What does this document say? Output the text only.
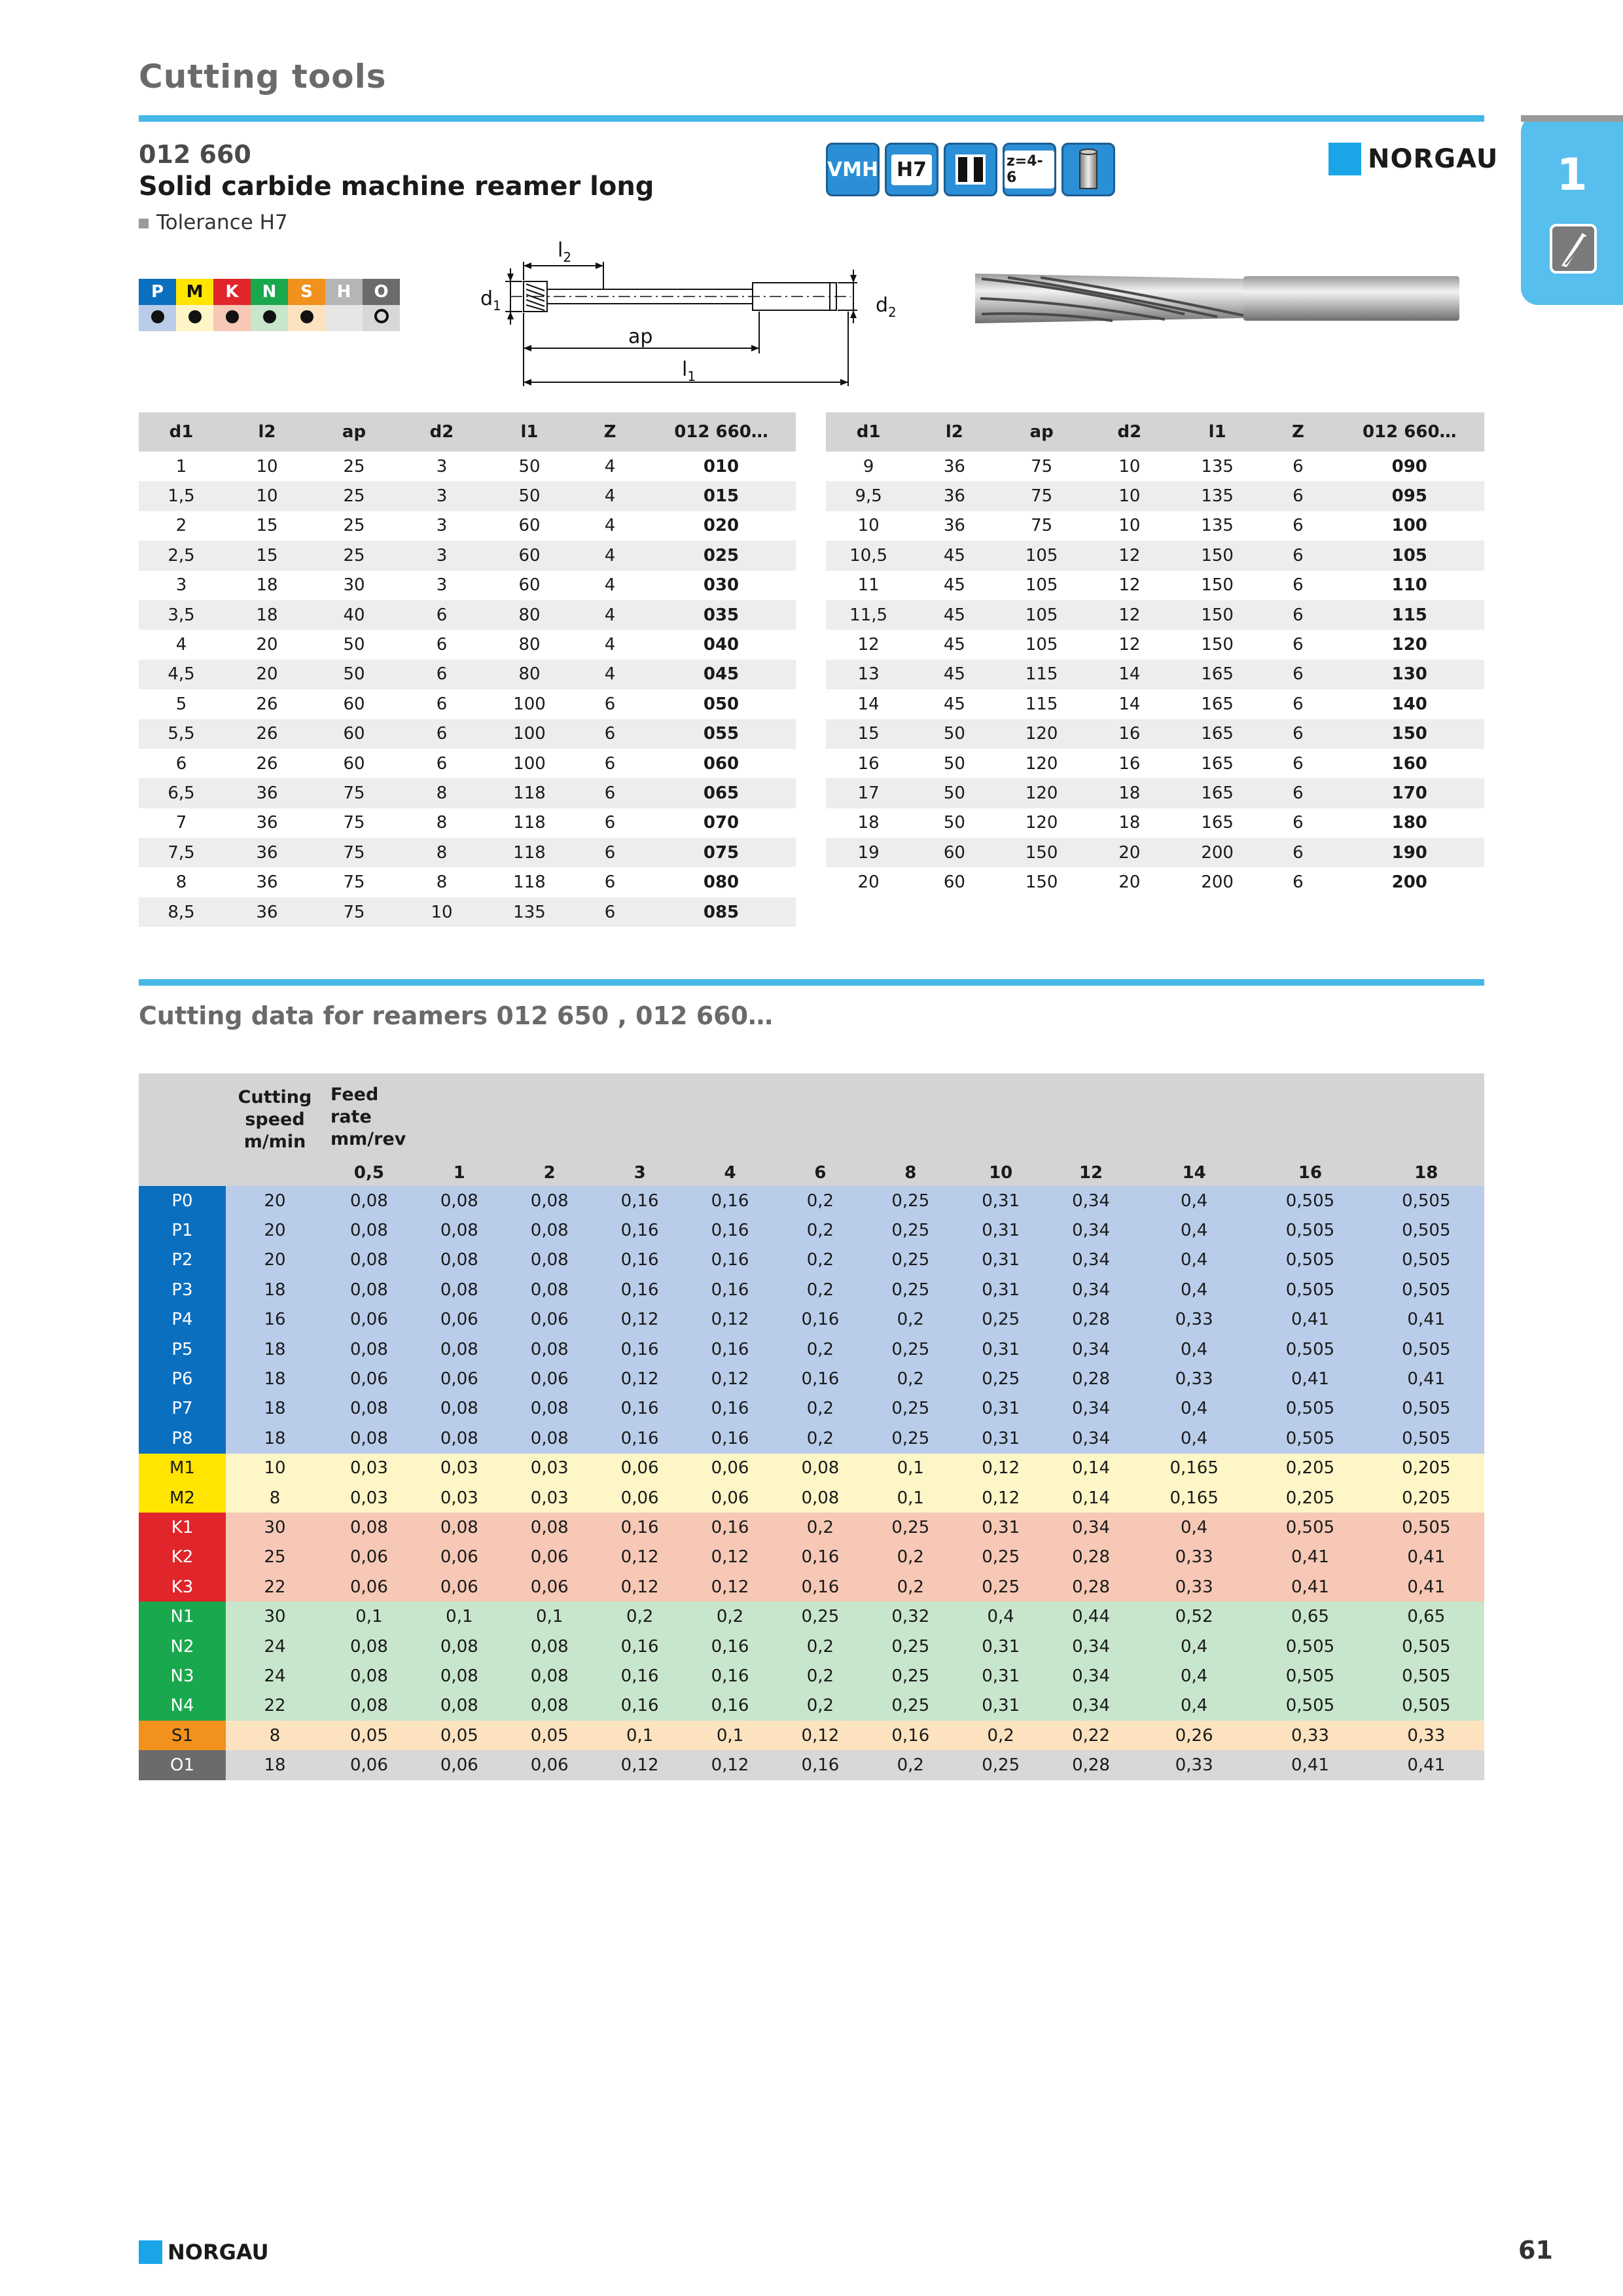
Cutting tools
1
012 660
Solid carbide machine reamer long
Tolerance H7
VMH H7	z=4-6
NORGAU
P	M	K	N	S	H	O

$l_2$
$d_1$	$d_2$
ap
$l_1$
d1	l2	ap	d2	l1	Z	012 660…
1	10	25	3	50	4	010
1,5	10	25	3	50	4	015
2	15	25	3	60	4	020
2,5	15	25	3	60	4	025
3	18	30	3	60	4	030
3,5	18	40	6	80	4	035
4	20	50	6	80	4	040
4,5	20	50	6	80	4	045
5	26	60	6	100	6	050
5,5	26	60	6	100	6	055
6	26	60	6	100	6	060
6,5	36	75	8	118	6	065
7	36	75	8	118	6	070
7,5	36	75	8	118	6	075
8	36	75	8	118	6	080
8,5	36	75	10	135	6	085
d1	l2	ap	d2	l1	Z	012 660…
9	36	75	10	135	6	090
9,5	36	75	10	135	6	095
10	36	75	10	135	6	100
10,5	45	105	12	150	6	105
11	45	105	12	150	6	110
11,5	45	105	12	150	6	115
12	45	105	12	150	6	120
13	45	115	14	165	6	130
14	45	115	14	165	6	140
15	50	120	16	165	6	150
16	50	120	16	165	6	160
17	50	120	18	165	6	170
18	50	120	18	165	6	180
19	60	150	20	200	6	190
20	60	150	20	200	6	200
Cutting data for reamers 012 650 , 012 660…

	Cutting speed m/min	Feed rate mm/rev											

		0,5	1	2	3	4	6	8	10	12	14	16	18
P0	20	0,08	0,08	0,08	0,16	0,16	0,2	0,25	0,31	0,34	0,4	0,505	0,505
P1	20	0,08	0,08	0,08	0,16	0,16	0,2	0,25	0,31	0,34	0,4	0,505	0,505
P2	20	0,08	0,08	0,08	0,16	0,16	0,2	0,25	0,31	0,34	0,4	0,505	0,505
P3	18	0,08	0,08	0,08	0,16	0,16	0,2	0,25	0,31	0,34	0,4	0,505	0,505
P4	16	0,06	0,06	0,06	0,12	0,12	0,16	0,2	0,25	0,28	0,33	0,41	0,41
P5	18	0,08	0,08	0,08	0,16	0,16	0,2	0,25	0,31	0,34	0,4	0,505	0,505
P6	18	0,06	0,06	0,06	0,12	0,12	0,16	0,2	0,25	0,28	0,33	0,41	0,41
P7	18	0,08	0,08	0,08	0,16	0,16	0,2	0,25	0,31	0,34	0,4	0,505	0,505
P8	18	0,08	0,08	0,08	0,16	0,16	0,2	0,25	0,31	0,34	0,4	0,505	0,505
M1	10	0,03	0,03	0,03	0,06	0,06	0,08	0,1	0,12	0,14	0,165	0,205	0,205
M2	8	0,03	0,03	0,03	0,06	0,06	0,08	0,1	0,12	0,14	0,165	0,205	0,205
K1	30	0,08	0,08	0,08	0,16	0,16	0,2	0,25	0,31	0,34	0,4	0,505	0,505
K2	25	0,06	0,06	0,06	0,12	0,12	0,16	0,2	0,25	0,28	0,33	0,41	0,41
K3	22	0,06	0,06	0,06	0,12	0,12	0,16	0,2	0,25	0,28	0,33	0,41	0,41
N1	30	0,1	0,1	0,1	0,2	0,2	0,25	0,32	0,4	0,44	0,52	0,65	0,65
N2	24	0,08	0,08	0,08	0,16	0,16	0,2	0,25	0,31	0,34	0,4	0,505	0,505
N3	24	0,08	0,08	0,08	0,16	0,16	0,2	0,25	0,31	0,34	0,4	0,505	0,505
N4	22	0,08	0,08	0,08	0,16	0,16	0,2	0,25	0,31	0,34	0,4	0,505	0,505
S1	8	0,05	0,05	0,05	0,1	0,1	0,12	0,16	0,2	0,22	0,26	0,33	0,33
O1	18	0,06	0,06	0,06	0,12	0,12	0,16	0,2	0,25	0,28	0,33	0,41	0,41
NORGAU	61
